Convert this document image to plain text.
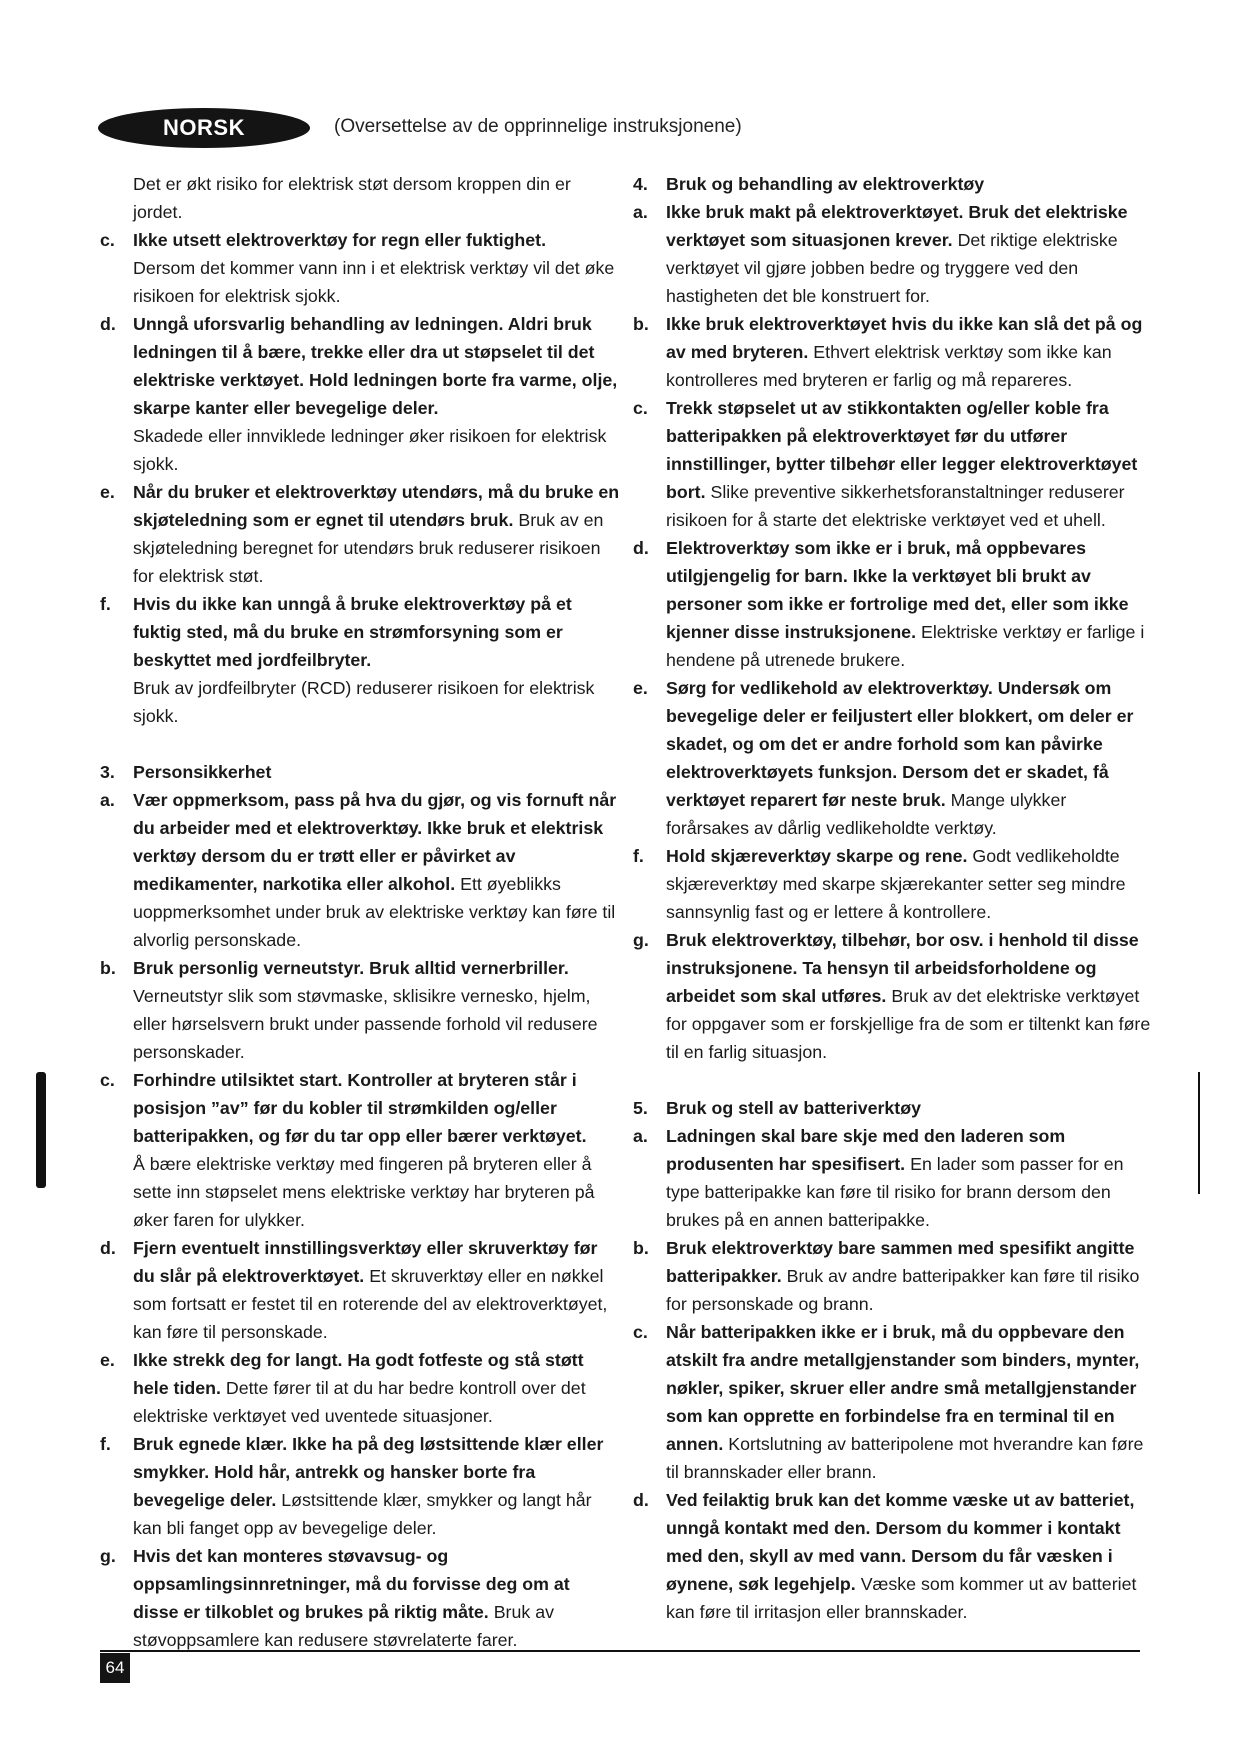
NORSK	(Oversettelse av de opprinnelige instruksjonene)

Det er økt risiko for elektrisk støt dersom kroppen din er jordet.

c. Ikke utsett elektroverktøy for regn eller fuktighet.

Dersom det kommer vann inn i et elektrisk verktøy vil det øke risikoen for elektrisk sjokk.

d. Unngå uforsvarlig behandling av ledningen. Aldri bruk ledningen til å bære, trekke eller dra ut støpselet til det elektriske verktøyet. Hold ledningen borte fra varme, olje, skarpe kanter eller bevegelige deler.

Skadede eller innviklede ledninger øker risikoen for elektrisk sjokk.

e. Når du bruker et elektroverktøy utendørs, må du bruke en skjøteledning som er egnet til utendørs bruk. Bruk av en skjøteledning beregnet for utendørs bruk reduserer risikoen for elektrisk støt.

f. Hvis du ikke kan unngå å bruke elektroverktøy på et fuktig sted, må du bruke en strømforsyning som er beskyttet med jordfeilbryter.

Bruk av jordfeilbryter (RCD) reduserer risikoen for elektrisk sjokk.

3. Personsikkerhet

a. Vær oppmerksom, pass på hva du gjør, og vis fornuft når du arbeider med et elektroverktøy. Ikke bruk et elektrisk verktøy dersom du er trøtt eller er påvirket av medikamenter, narkotika eller alkohol. Ett øyeblikks uoppmerksomhet under bruk av elektriske verktøy kan føre til alvorlig personskade.

b. Bruk personlig verneutstyr. Bruk alltid vernerbriller.

Verneutstyr slik som støvmaske, sklisikre vernesko, hjelm, eller hørselsvern brukt under passende forhold vil redusere personskader.

c. Forhindre utilsiktet start. Kontroller at bryteren står i posisjon ”av” før du kobler til strømkilden og/eller batteripakken, og før du tar opp eller bærer verktøyet.

Å bære elektriske verktøy med fingeren på bryteren eller å sette inn støpselet mens elektriske verktøy har bryteren på øker faren for ulykker.

d. Fjern eventuelt innstillingsverktøy eller skruverktøy før du slår på elektroverktøyet. Et skruverktøy eller en nøkkel som fortsatt er festet til en roterende del av elektroverktøyet, kan føre til personskade.

e. Ikke strekk deg for langt. Ha godt fotfeste og stå støtt hele tiden. Dette fører til at du har bedre kontroll over det elektriske verktøyet ved uventede situasjoner.

f. Bruk egnede klær. Ikke ha på deg løstsittende klær eller smykker. Hold hår, antrekk og hansker borte fra bevegelige deler. Løstsittende klær, smykker og langt hår kan bli fanget opp av bevegelige deler.

g. Hvis det kan monteres støvavsug- og oppsamlingsinnretninger, må du forvisse deg om at disse er tilkoblet og brukes på riktig måte. Bruk av støvoppsamlere kan redusere støvrelaterte farer.

4. Bruk og behandling av elektroverktøy

a. Ikke bruk makt på elektroverktøyet. Bruk det elektriske verktøyet som situasjonen krever. Det riktige elektriske verktøyet vil gjøre jobben bedre og tryggere ved den hastigheten det ble konstruert for.

b. Ikke bruk elektroverktøyet hvis du ikke kan slå det på og av med bryteren. Ethvert elektrisk verktøy som ikke kan kontrolleres med bryteren er farlig og må repareres.

c. Trekk støpselet ut av stikkontakten og/eller koble fra batteripakken på elektroverktøyet før du utfører innstillinger, bytter tilbehør eller legger elektroverktøyet bort. Slike preventive sikkerhetsforanstaltninger reduserer risikoen for å starte det elektriske verktøyet ved et uhell.

d. Elektroverktøy som ikke er i bruk, må oppbevares utilgjengelig for barn. Ikke la verktøyet bli brukt av personer som ikke er fortrolige med det, eller som ikke kjenner disse instruksjonene. Elektriske verktøy er farlige i hendene på utrenede brukere.

e. Sørg for vedlikehold av elektroverktøy. Undersøk om bevegelige deler er feiljustert eller blokkert, om deler er skadet, og om det er andre forhold som kan påvirke elektroverktøyets funksjon. Dersom det er skadet, få verktøyet reparert før neste bruk. Mange ulykker forårsakes av dårlig vedlikeholdte verktøy.

f. Hold skjæreverktøy skarpe og rene. Godt vedlikeholdte skjæreverktøy med skarpe skjærekanter setter seg mindre sannsynlig fast og er lettere å kontrollere.

g. Bruk elektroverktøy, tilbehør, bor osv. i henhold til disse instruksjonene. Ta hensyn til arbeidsforholdene og arbeidet som skal utføres. Bruk av det elektriske verktøyet for oppgaver som er forskjellige fra de som er tiltenkt kan føre til en farlig situasjon.

5. Bruk og stell av batteriverktøy

a. Ladningen skal bare skje med den laderen som produsenten har spesifisert. En lader som passer for en type batteripakke kan føre til risiko for brann dersom den brukes på en annen batteripakke.

b. Bruk elektroverktøy bare sammen med spesifikt angitte batteripakker. Bruk av andre batteripakker kan føre til risiko for personskade og brann.

c. Når batteripakken ikke er i bruk, må du oppbevare den atskilt fra andre metallgjenstander som binders, mynter, nøkler, spiker, skruer eller andre små metallgjenstander som kan opprette en forbindelse fra en terminal til en annen. Kortslutning av batteripolene mot hverandre kan føre til brannskader eller brann.

d. Ved feilaktig bruk kan det komme væske ut av batteriet, unngå kontakt med den. Dersom du kommer i kontakt med den, skyll av med vann. Dersom du får væsken i øynene, søk legehjelp. Væske som kommer ut av batteriet kan føre til irritasjon eller brannskader.

64
